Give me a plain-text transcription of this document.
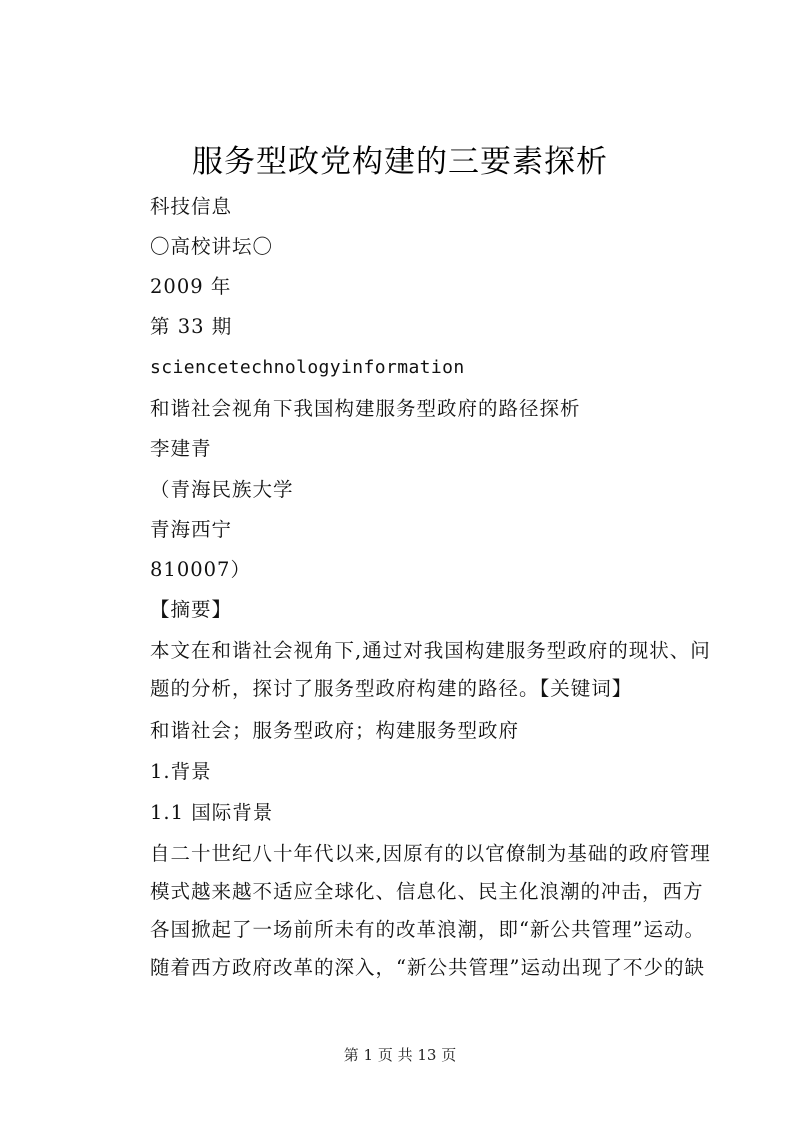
服务型政党构建的三要素探析
科技信息
〇高校讲坛〇
2009 年
第 33 期
sciencetechnologyinformation
和谐社会视角下我国构建服务型政府的路径探析
李建青
（青海民族大学
青海西宁
810007）
【摘要】
本文在和谐社会视角下,通过对我国构建服务型政府的现状、问题的分析，探讨了服务型政府构建的路径。【关键词】
和谐社会；服务型政府；构建服务型政府
1.背景
1.1 国际背景
自二十世纪八十年代以来,因原有的以官僚制为基础的政府管理模式越来越不适应全球化、信息化、民主化浪潮的冲击，西方各国掀起了一场前所未有的改革浪潮，即“新公共管理”运动。随着西方政府改革的深入，“新公共管理”运动出现了不少的缺
第 1 页 共 13 页
